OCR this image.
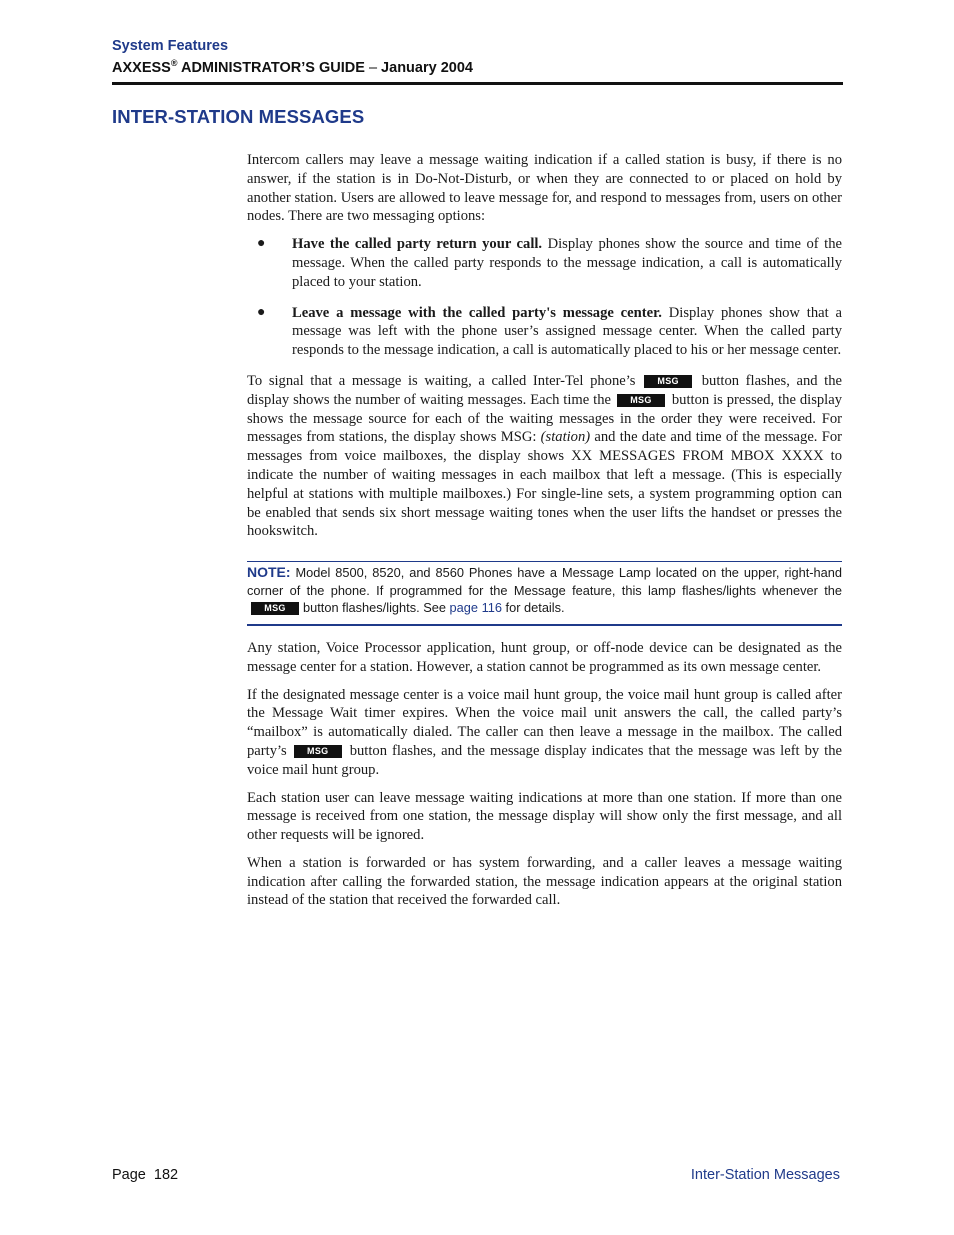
System Features
AXXESS® ADMINISTRATOR’S GUIDE – January 2004
INTER-STATION MESSAGES

Intercom callers may leave a message waiting indication if a called station is busy, if there is no answer, if the station is in Do-Not-Disturb, or when they are connected to or placed on hold by another station. Users are allowed to leave message for, and respond to messages from, users on other nodes. There are two messaging options:

● Have the called party return your call. Display phones show the source and time of the message. When the called party responds to the message indication, a call is automatically placed to your station.
● Leave a message with the called party's message center. Display phones show that a message was left with the phone user’s assigned message center. When the called party responds to the message indication, a call is automatically placed to his or her message center.

To signal that a message is waiting, a called Inter-Tel phone’s MSG button flashes, and the display shows the number of waiting messages. Each time the MSG button is pressed, the display shows the message source for each of the waiting messages in the order they were received. For messages from stations, the display shows MSG: (station) and the date and time of the message. For messages from voice mailboxes, the display shows XX MESSAGES FROM MBOX XXXX to indicate the number of waiting messages in each mailbox that left a message. (This is especially helpful at stations with multiple mailboxes.) For single-line sets, a system programming option can be enabled that sends six short message waiting tones when the user lifts the handset or presses the hookswitch.

NOTE: Model 8500, 8520, and 8560 Phones have a Message Lamp located on the upper, right-hand corner of the phone. If programmed for the Message feature, this lamp flashes/lights whenever theMSG button flashes/lights. See page 116 for details.

Any station, Voice Processor application, hunt group, or off-node device can be designated as the message center for a station. However, a station cannot be programmed as its own message center.

If the designated message center is a voice mail hunt group, the voice mail hunt group is called after the Message Wait timer expires. When the voice mail unit answers the call, the called party’s “mailbox” is automatically dialed. The caller can then leave a message in the mailbox. The called party’s MSG button flashes, and the message display indicates that the message was left by the voice mail hunt group.

Each station user can leave message waiting indications at more than one station. If more than one message is received from one station, the message display will show only the first message, and all other requests will be ignored.

When a station is forwarded or has system forwarding, and a caller leaves a message waiting indication after calling the forwarded station, the message indication appears at the original station instead of the station that received the forwarded call.

Page  182	Inter-Station Messages
